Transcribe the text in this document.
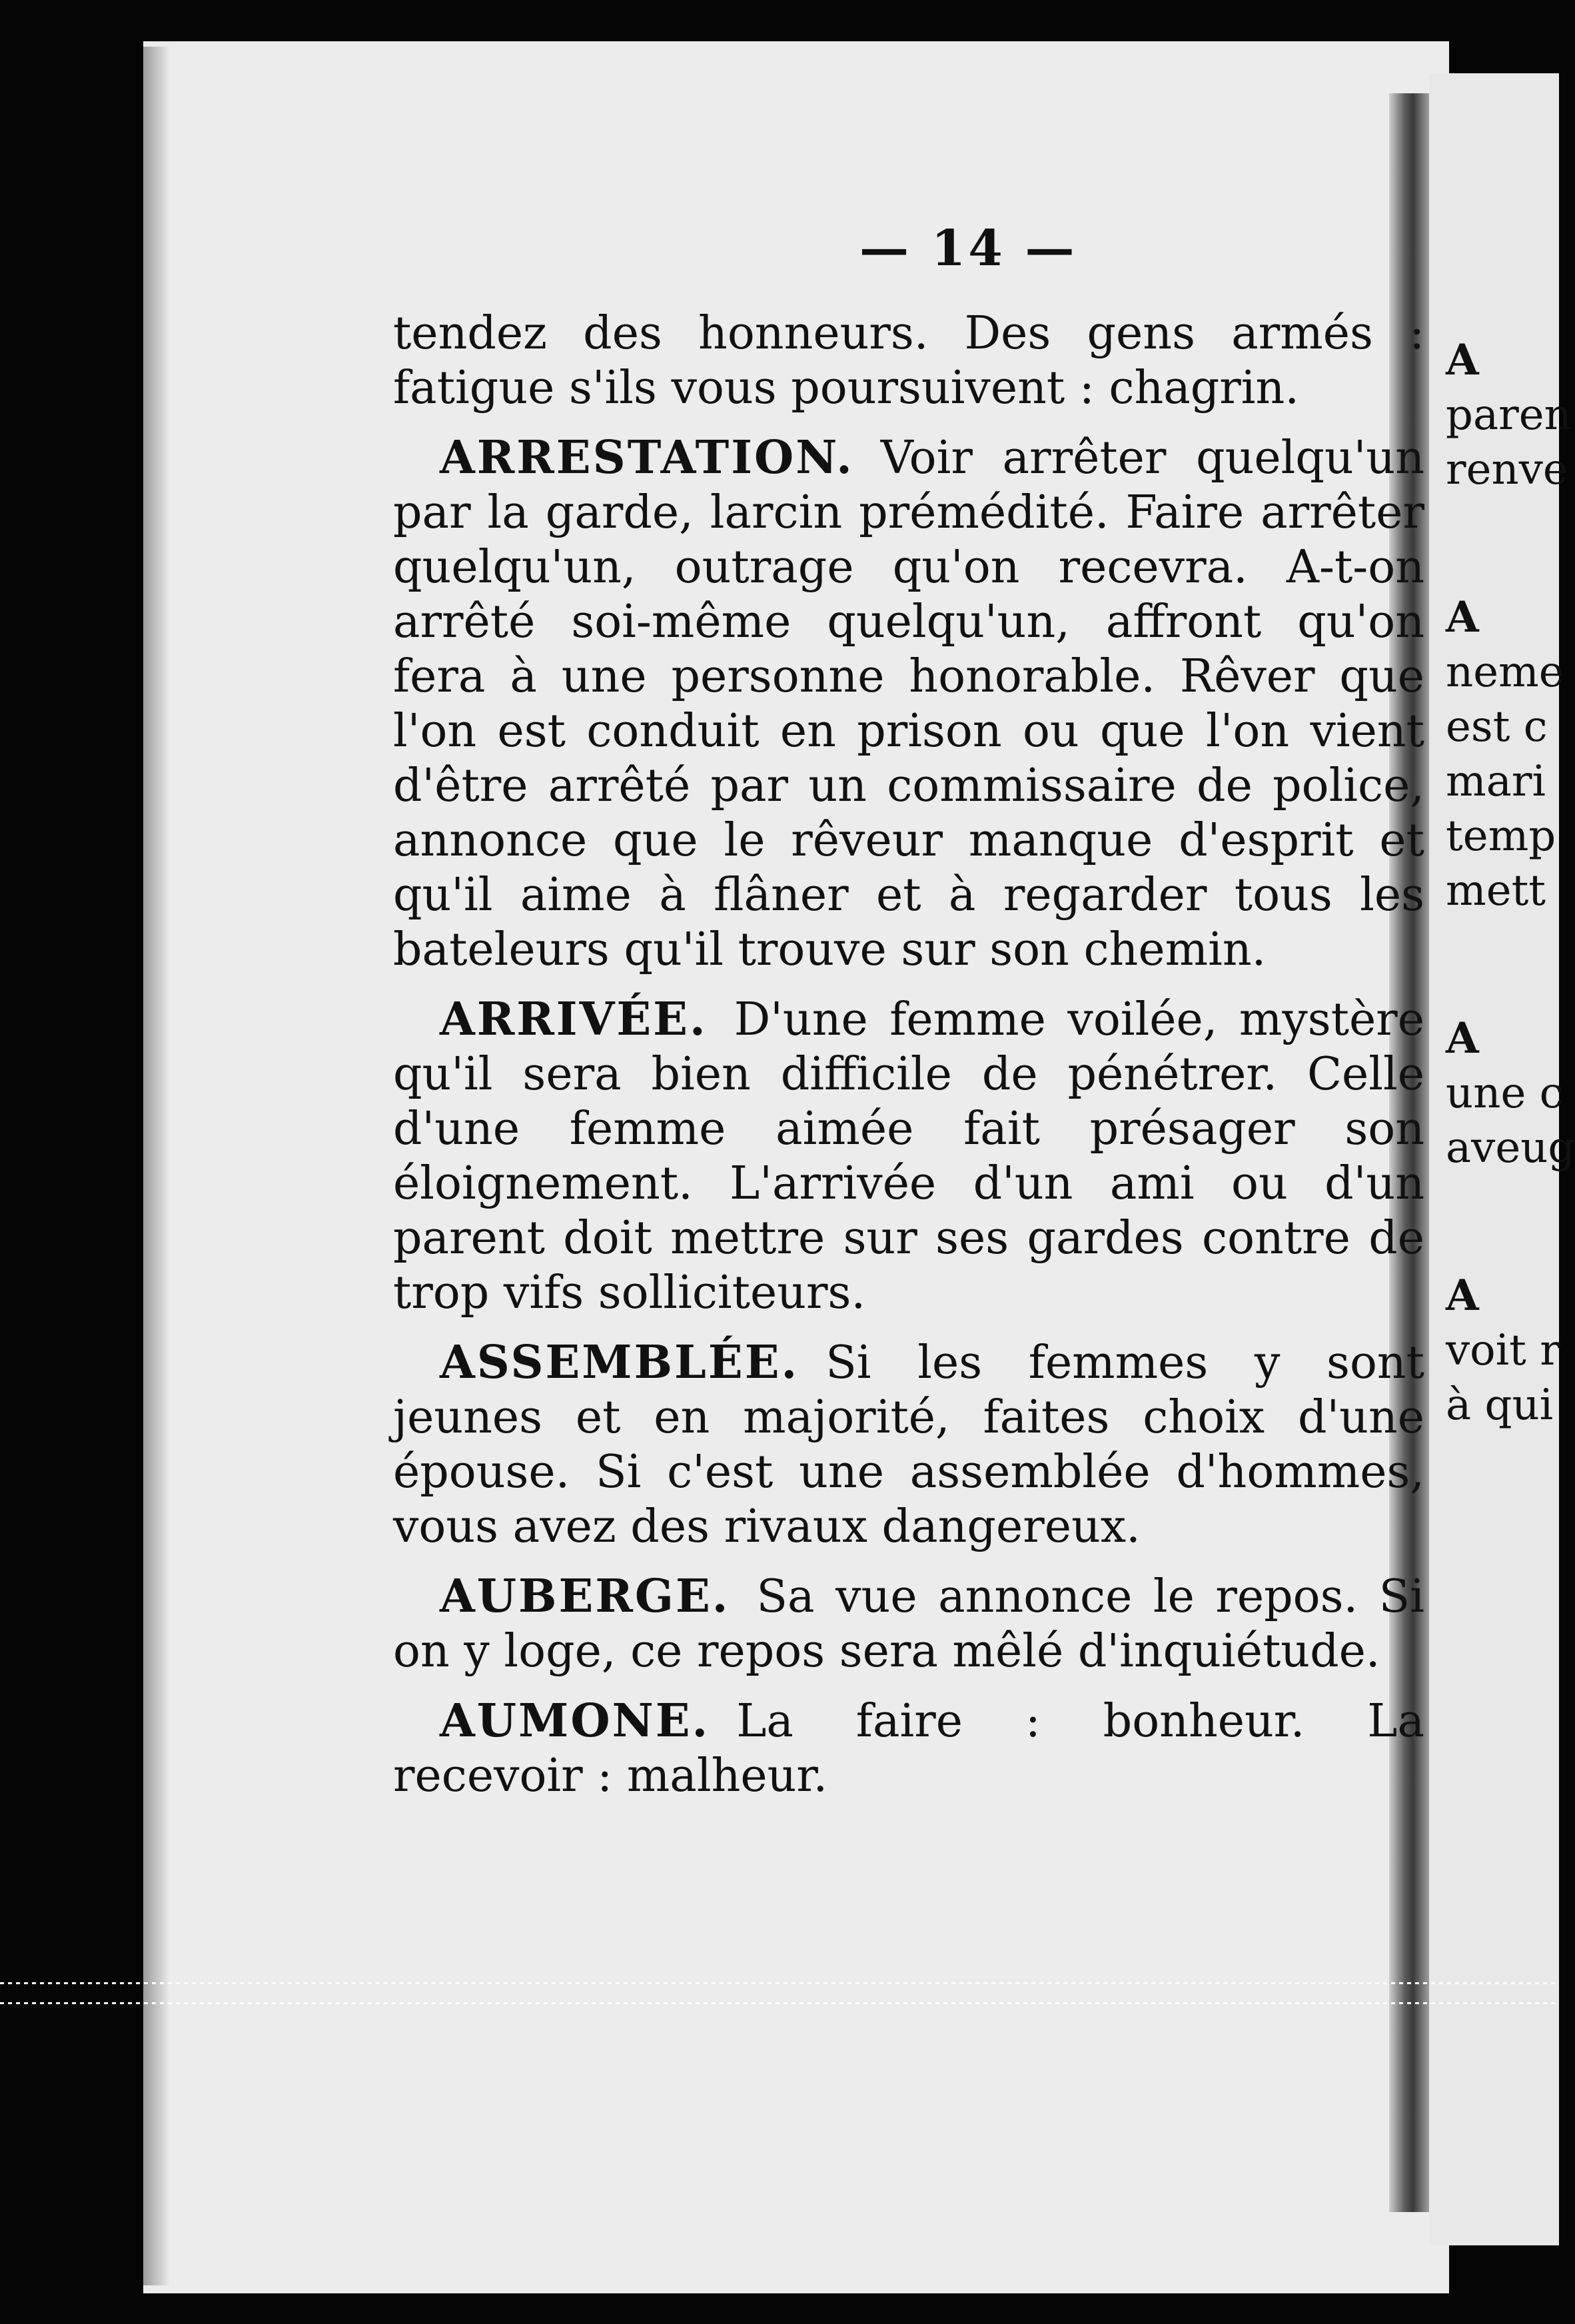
— 14 —

tendez des honneurs. Des gens armés : fatigue s'ils vous poursuivent : chagrin.

ARRESTATION. Voir arrêter quelqu'un par la garde, larcin prémédité. Faire arrêter quelqu'un, outrage qu'on recevra. A-t-on arrêté soi-même quelqu'un, affront qu'on fera à une personne honorable. Rêver que l'on est conduit en prison ou que l'on vient d'être arrêté par un commissaire de police, annonce que le rêveur manque d'esprit et qu'il aime à flâner et à regarder tous les bateleurs qu'il trouve sur son chemin.

ARRIVÉE. D'une femme voilée, mystère qu'il sera bien difficile de pénétrer. Celle d'une femme aimée fait présager son éloignement. L'arrivée d'un ami ou d'un parent doit mettre sur ses gardes contre de trop vifs solliciteurs.

ASSEMBLÉE. Si les femmes y sont jeunes et en majorité, faites choix d'une épouse. Si c'est une assemblée d'hommes, vous avez des rivaux dangereux.

AUBERGE. Sa vue annonce le repos. Si on y loge, ce repos sera mêlé d'inquiétude.

AUMONE. La faire : bonheur. La recevoir : malheur.

A
paren
renve
A
neme
est c
mari
temp
mett
A
une c
aveug
A
voit r
à qui
